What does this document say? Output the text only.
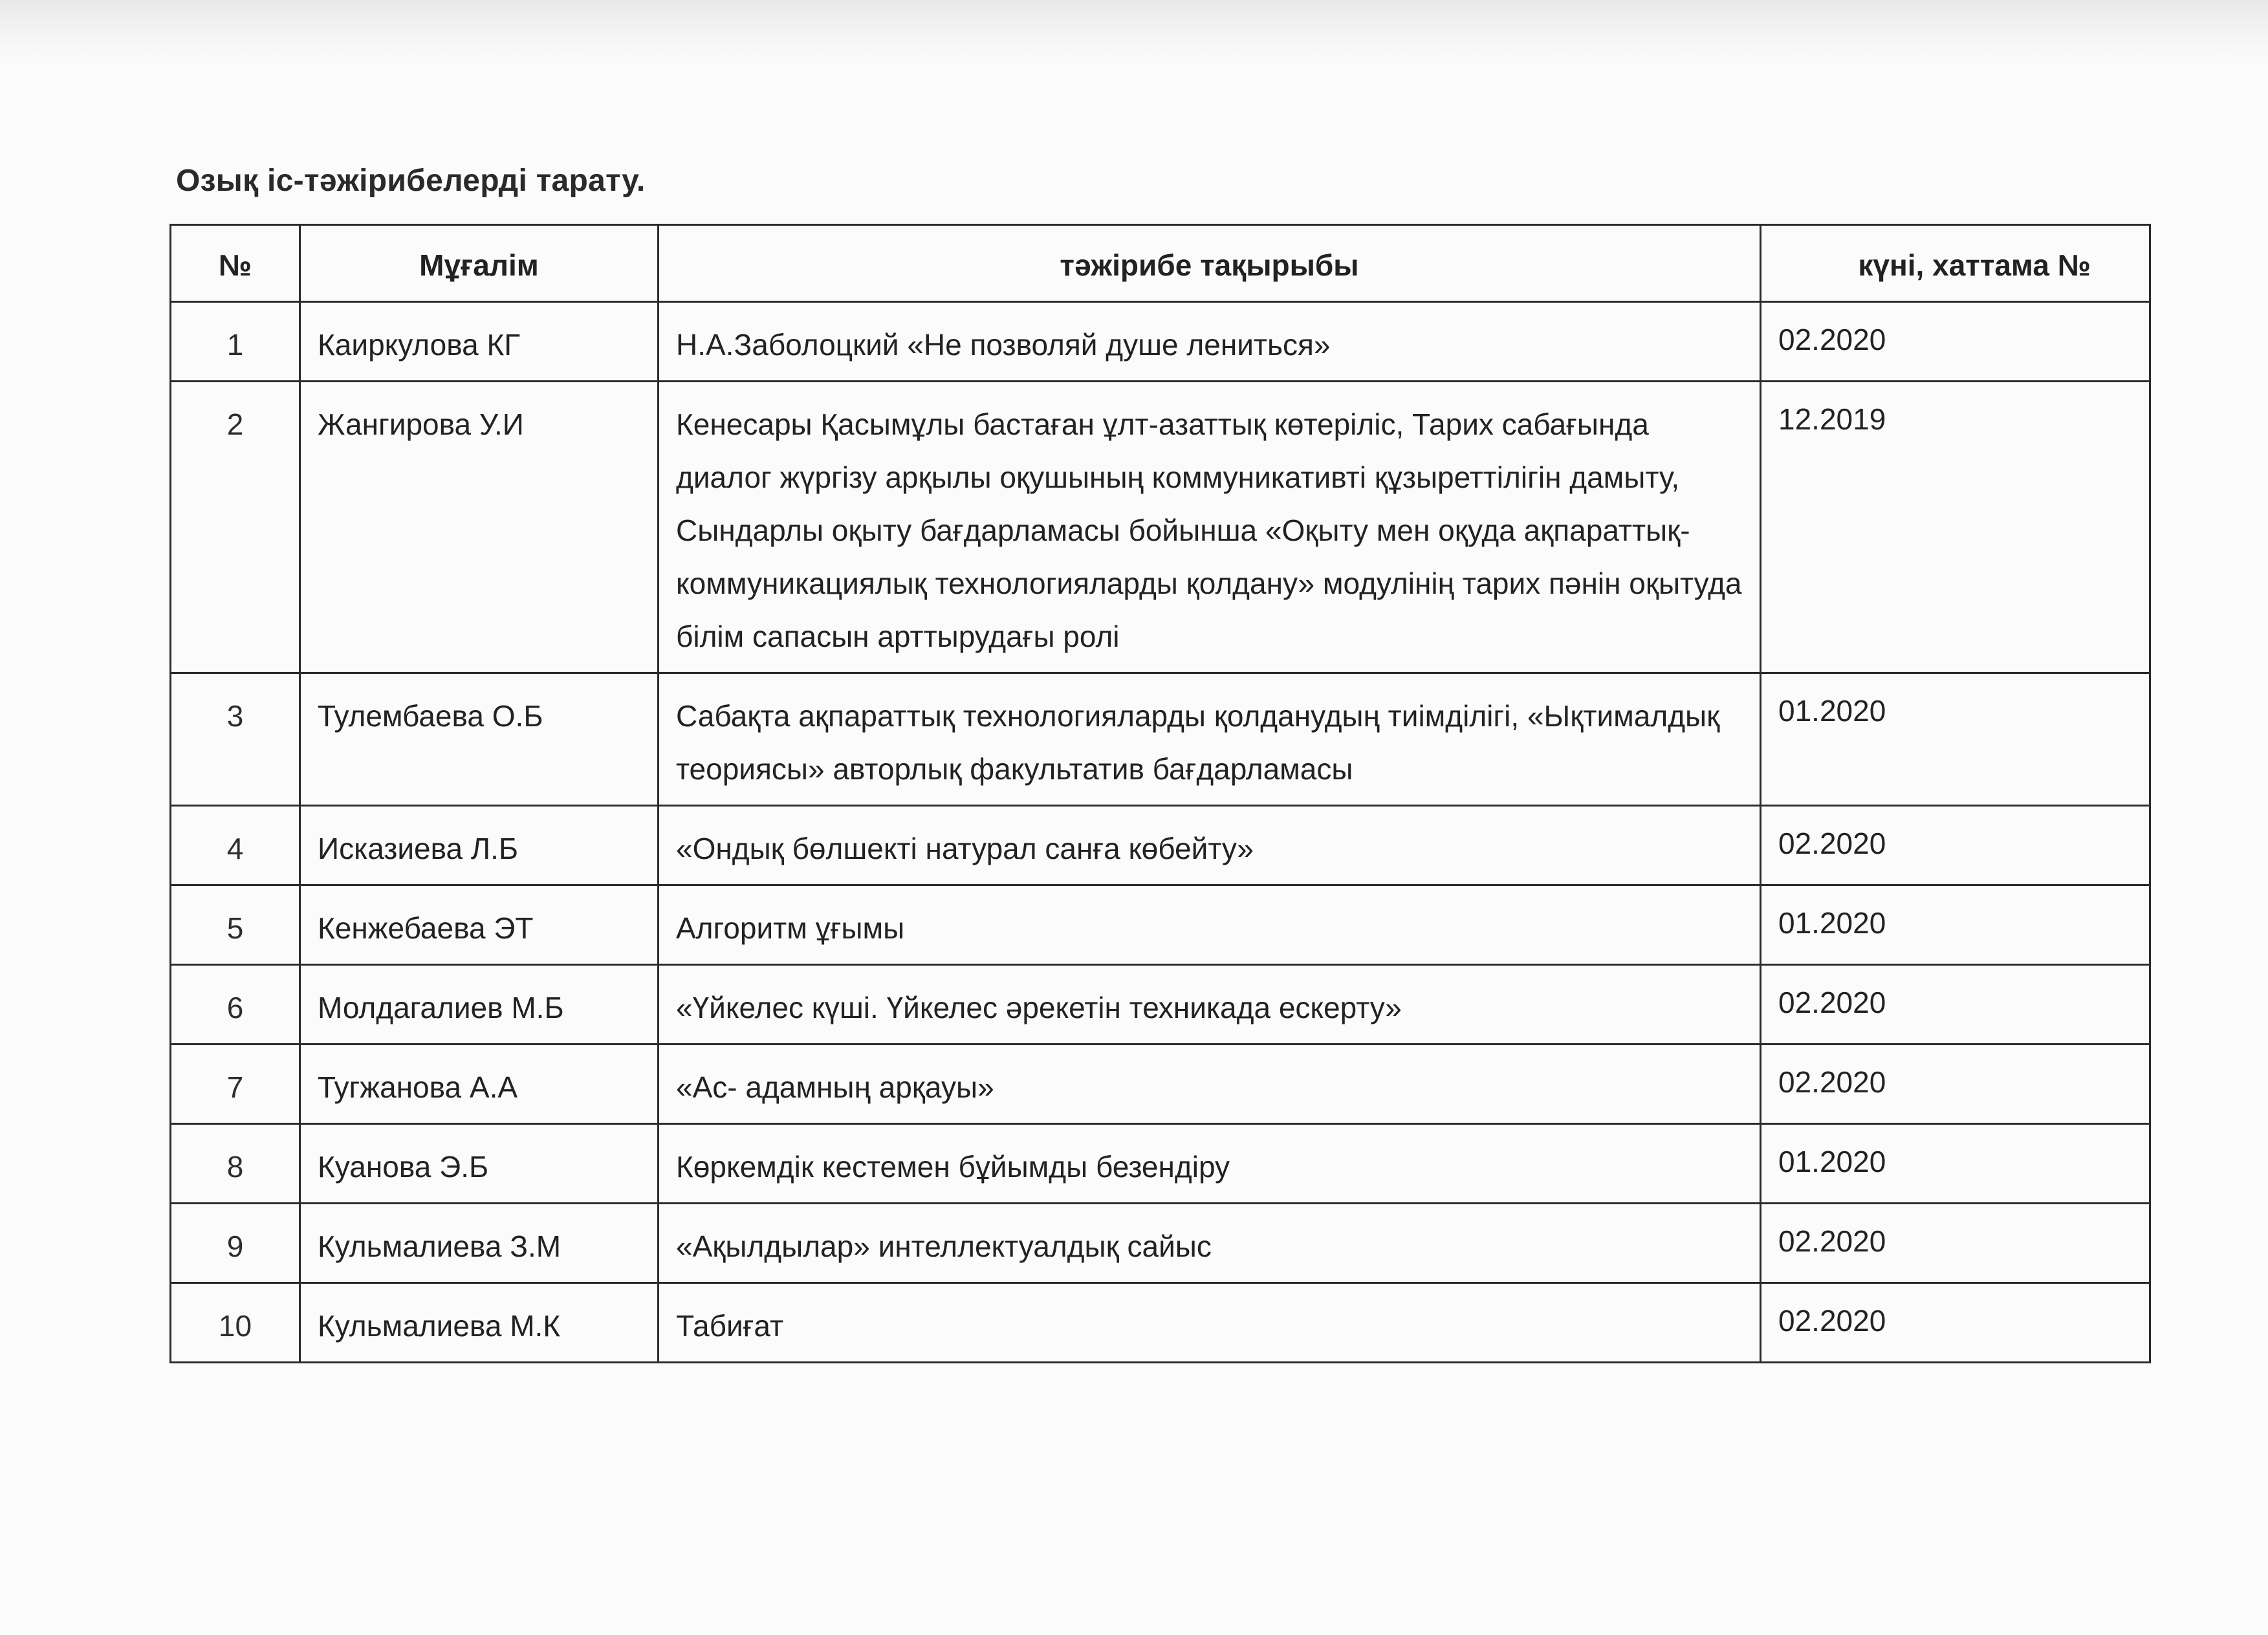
Озық іс-тәжірибелерді тарату.
№	Мұғалім	тәжірибе тақырыбы	күні, хаттама №
1	Каиркулова КГ	Н.А.Заболоцкий «Не позволяй душе лениться»	02.2020
2	Жангирова У.И	Кенесары Қасымұлы бастаған ұлт-азаттық көтеріліс, Тарих сабағында диалог жүргізу арқылы оқушының коммуникативті құзыреттілігін дамыту, Сындарлы оқыту бағдарламасы бойынша «Оқыту мен оқуда ақпараттық-коммуникациялық технологияларды қолдану» модулінің тарих пәнін оқытуда білім сапасын арттырудағы ролі	12.2019
3	Тулембаева О.Б	Сабақта ақпараттық технологияларды қолданудың тиімділігі, «Ықтималдық теориясы» авторлық факультатив бағдарламасы	01.2020
4	Исказиева Л.Б	«Ондық бөлшекті натурал санға көбейту»	02.2020
5	Кенжебаева ЭТ	Алгоритм ұғымы	01.2020
6	Молдагалиев М.Б	«Үйкелес күші. Үйкелес әрекетін техникада ескерту»	02.2020
7	Тугжанова А.А	«Ас- адамның арқауы»	02.2020
8	Куанова Э.Б	Көркемдік кестемен бұйымды безендіру	01.2020
9	Кульмалиева З.М	«Ақылдылар» интеллектуалдық сайыс	02.2020
10	Кульмалиева М.К	Табиғат	02.2020
